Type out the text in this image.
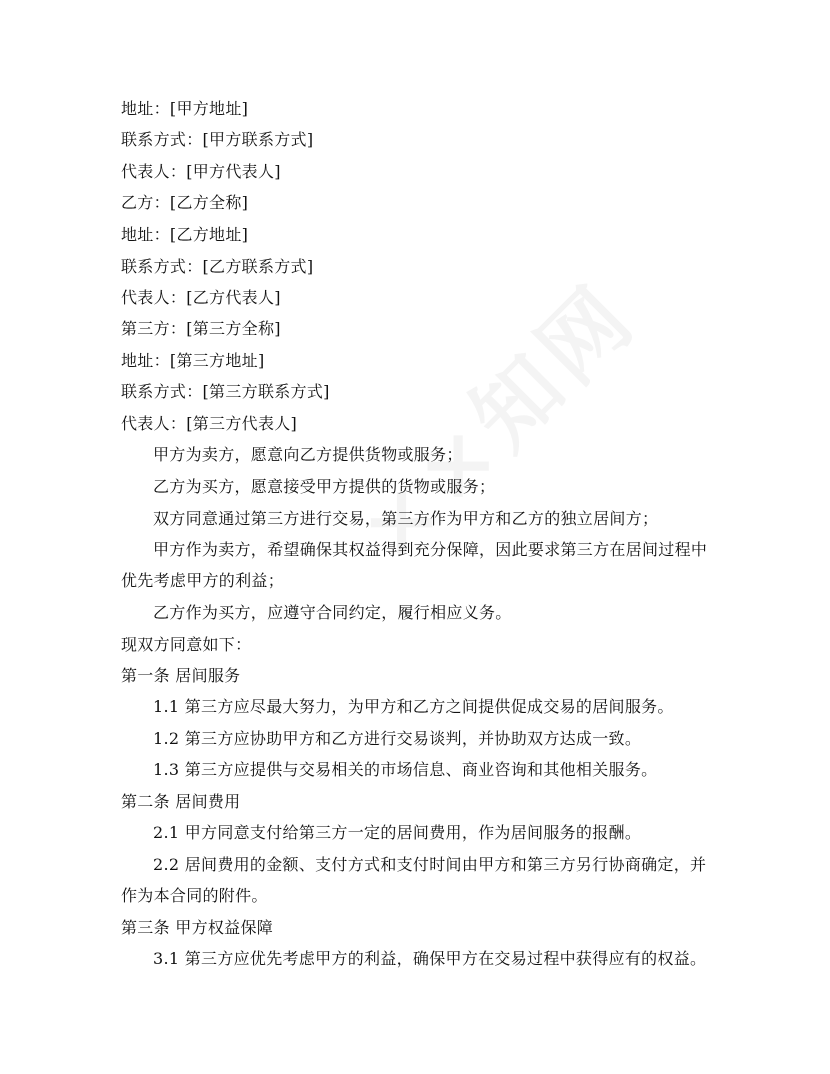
地址：[甲方地址]
联系方式：[甲方联系方式]
代表人：[甲方代表人]
乙方：[乙方全称]
地址：[乙方地址]
联系方式：[乙方联系方式]
代表人：[乙方代表人]
第三方：[第三方全称]
地址：[第三方地址]
联系方式：[第三方联系方式]
代表人：[第三方代表人]
甲方为卖方，愿意向乙方提供货物或服务；
乙方为买方，愿意接受甲方提供的货物或服务；
双方同意通过第三方进行交易，第三方作为甲方和乙方的独立居间方；
甲方作为卖方，希望确保其权益得到充分保障，因此要求第三方在居间过程中
优先考虑甲方的利益；
乙方作为买方，应遵守合同约定，履行相应义务。
现双方同意如下：
第一条 居间服务
1.1 第三方应尽最大努力，为甲方和乙方之间提供促成交易的居间服务。
1.2 第三方应协助甲方和乙方进行交易谈判，并协助双方达成一致。
1.3 第三方应提供与交易相关的市场信息、商业咨询和其他相关服务。
第二条 居间费用
2.1 甲方同意支付给第三方一定的居间费用，作为居间服务的报酬。
2.2 居间费用的金额、支付方式和支付时间由甲方和第三方另行协商确定，并
作为本合同的附件。
第三条 甲方权益保障
3.1 第三方应优先考虑甲方的利益，确保甲方在交易过程中获得应有的权益。
